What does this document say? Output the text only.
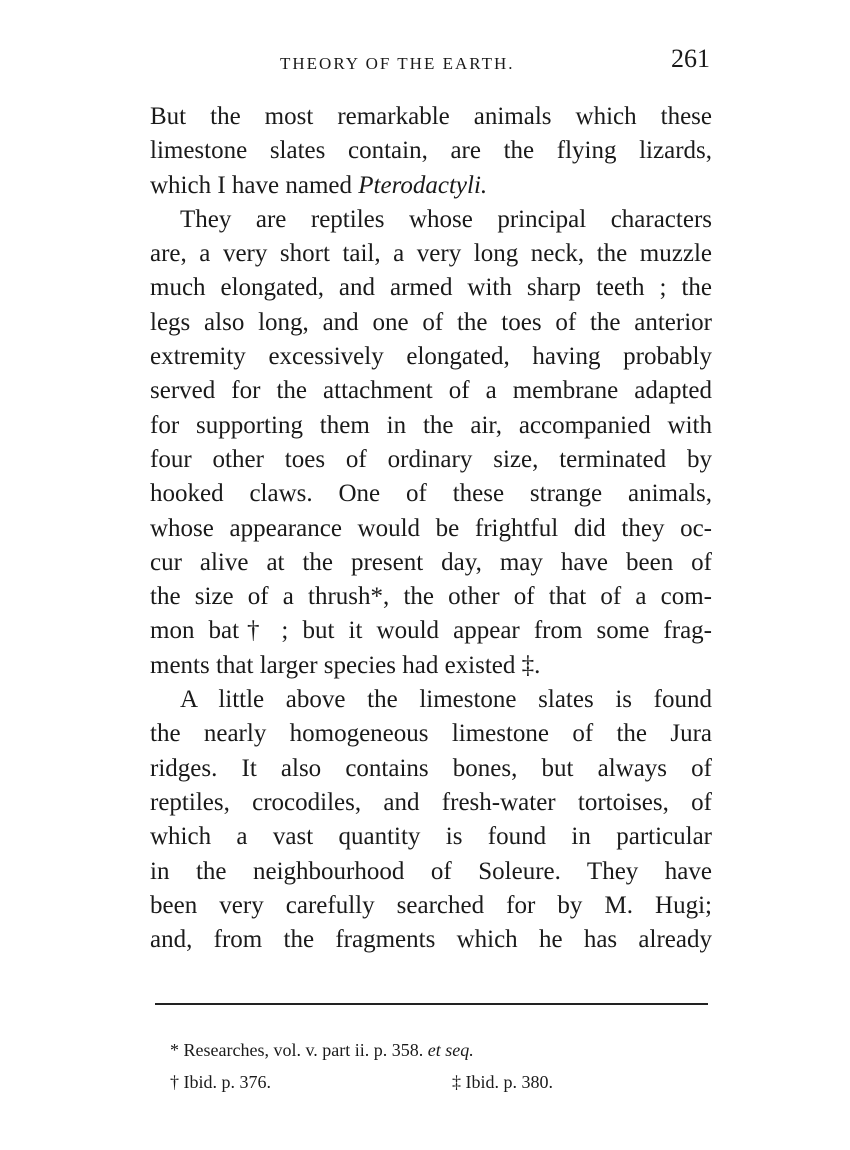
THEORY OF THE EARTH.	261
But the most remarkable animals which these
limestone slates contain, are the flying lizards,
which I have named Pterodactyli.
They are reptiles whose principal characters
are, a very short tail, a very long neck, the muzzle
much elongated, and armed with sharp teeth ; the
legs also long, and one of the toes of the anterior
extremity excessively elongated, having probably
served for the attachment of a membrane adapted
for supporting them in the air, accompanied with
four other toes of ordinary size, terminated by
hooked claws. One of these strange animals,
whose appearance would be frightful did they oc-
cur alive at the present day, may have been of
the size of a thrush*, the other of that of a com-
mon bat† ; but it would appear from some frag-
ments that larger species had existed ‡.
A little above the limestone slates is found
the nearly homogeneous limestone of the Jura
ridges. It also contains bones, but always of
reptiles, crocodiles, and fresh-water tortoises, of
which a vast quantity is found in particular
in the neighbourhood of Soleure. They have
been very carefully searched for by M. Hugi;
and, from the fragments which he has already
* Researches, vol. v. part ii. p. 358. et seq.
† Ibid. p. 376.	‡ Ibid. p. 380.
